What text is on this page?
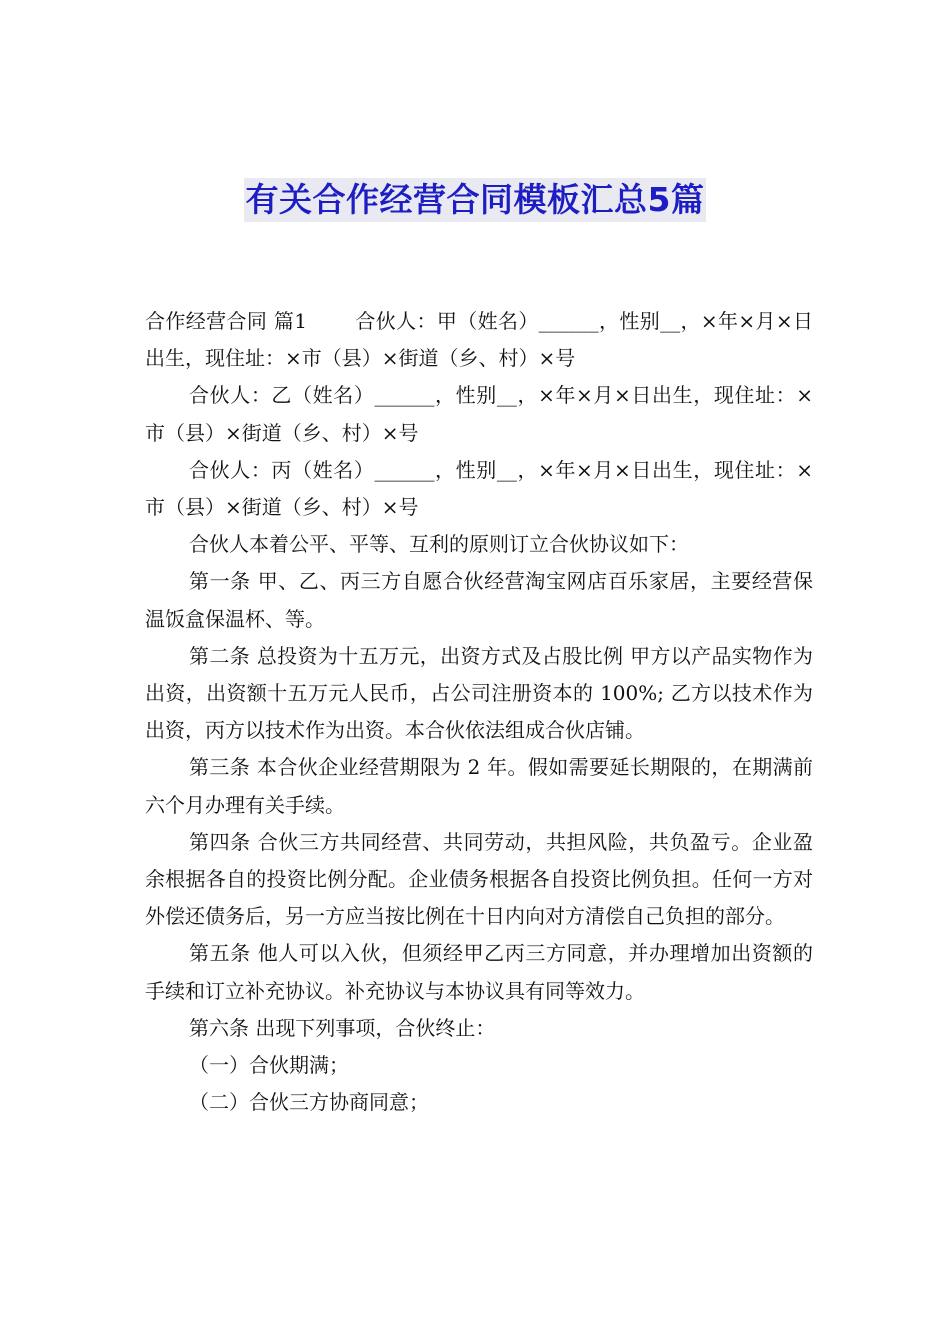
有关合作经营合同模板汇总5篇

合作经营合同 篇1 合伙人：甲（姓名）______，性别__，×年×月×日出生，现住址：×市（县）×街道（乡、村）×号

合伙人：乙（姓名）______，性别__，×年×月×日出生，现住址：×市（县）×街道（乡、村）×号

合伙人：丙（姓名）______，性别__，×年×月×日出生，现住址：×市（县）×街道（乡、村）×号

合伙人本着公平、平等、互利的原则订立合伙协议如下：

第一条 甲、乙、丙三方自愿合伙经营淘宝网店百乐家居，主要经营保温饭盒保温杯、等。

第二条 总投资为十五万元，出资方式及占股比例 甲方以产品实物作为出资，出资额十五万元人民币，占公司注册资本的 100%; 乙方以技术作为出资，丙方以技术作为出资。本合伙依法组成合伙店铺。

第三条 本合伙企业经营期限为 2 年。假如需要延长期限的，在期满前六个月办理有关手续。

第四条 合伙三方共同经营、共同劳动，共担风险，共负盈亏。企业盈余根据各自的投资比例分配。企业债务根据各自投资比例负担。任何一方对外偿还债务后，另一方应当按比例在十日内向对方清偿自己负担的部分。

第五条 他人可以入伙，但须经甲乙丙三方同意，并办理增加出资额的手续和订立补充协议。补充协议与本协议具有同等效力。

第六条 出现下列事项，合伙终止：

（一）合伙期满；

（二）合伙三方协商同意；
